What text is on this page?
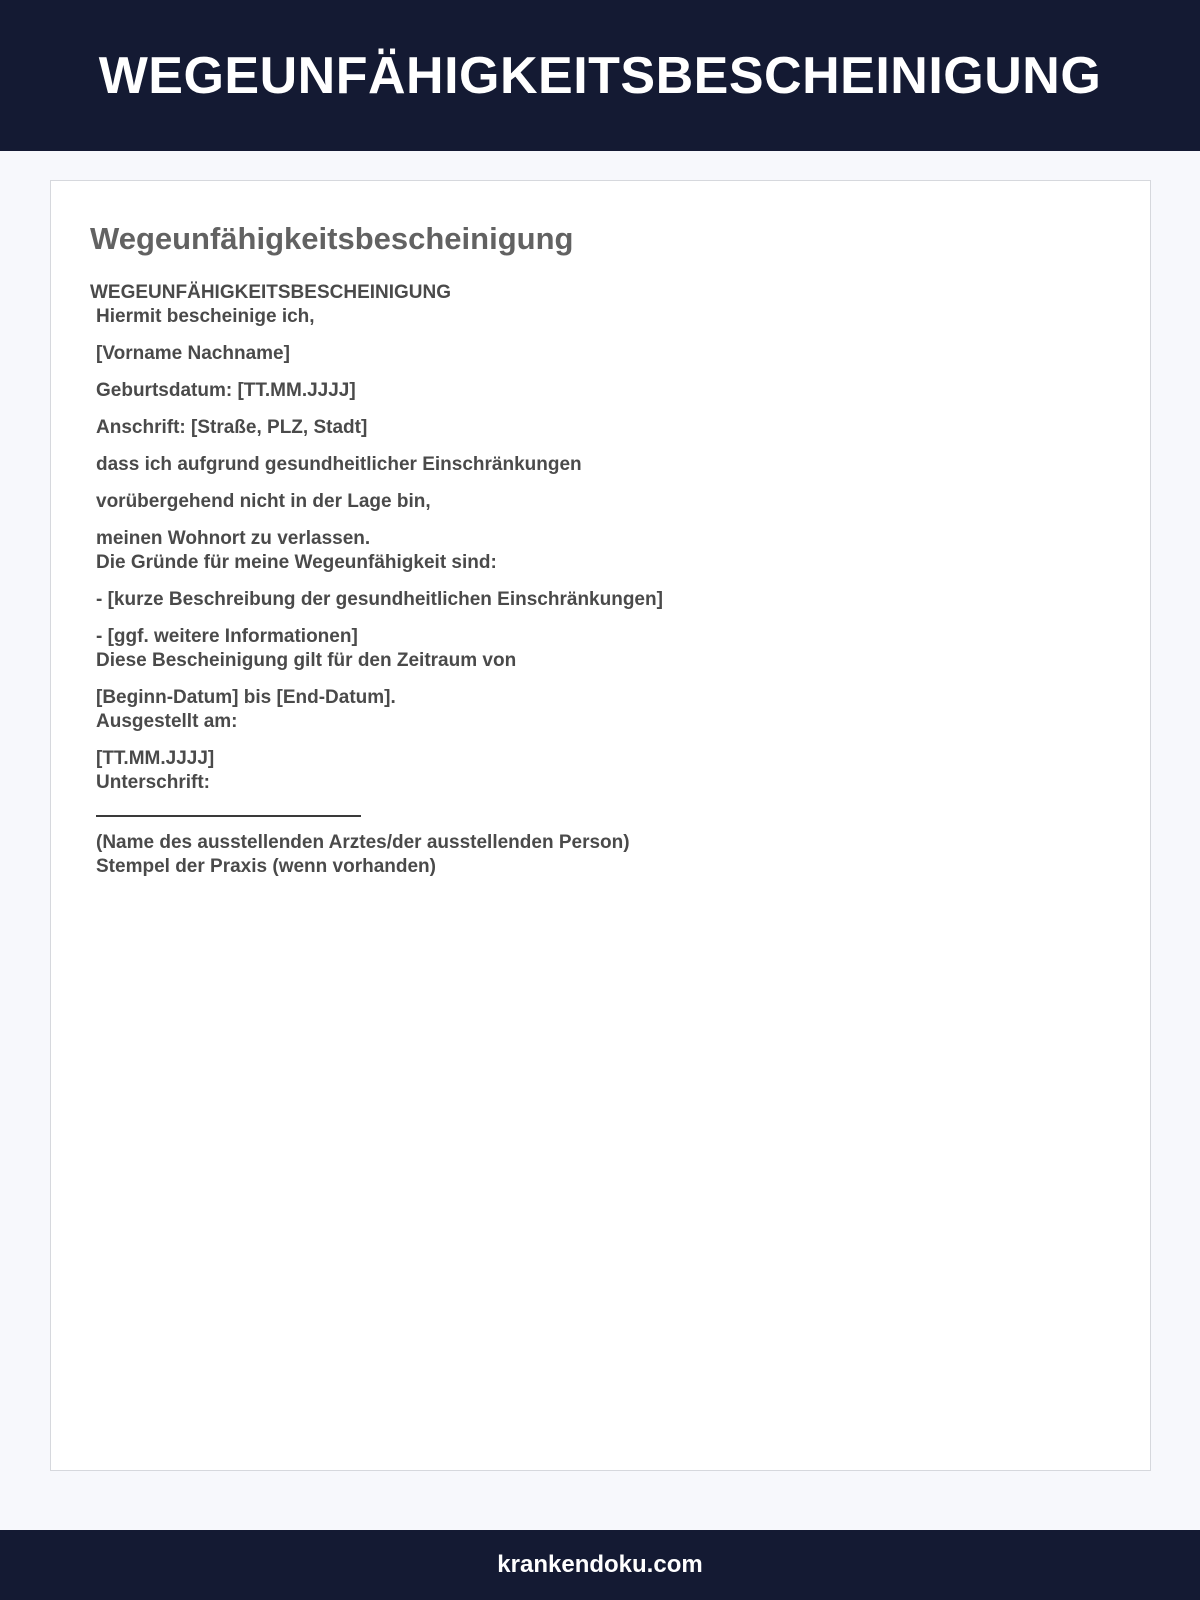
WEGEUNFÄHIGKEITSBESCHEINIGUNG
Wegeunfähigkeitsbescheinigung
WEGEUNFÄHIGKEITSBESCHEINIGUNG
Hiermit bescheinige ich,
[Vorname Nachname]
Geburtsdatum: [TT.MM.JJJJ]
Anschrift: [Straße, PLZ, Stadt]
dass ich aufgrund gesundheitlicher Einschränkungen
vorübergehend nicht in der Lage bin,
meinen Wohnort zu verlassen.
Die Gründe für meine Wegeunfähigkeit sind:
- [kurze Beschreibung der gesundheitlichen Einschränkungen]
- [ggf. weitere Informationen]
Diese Bescheinigung gilt für den Zeitraum von
[Beginn-Datum] bis [End-Datum].
Ausgestellt am:
[TT.MM.JJJJ]
Unterschrift:
(Name des ausstellenden Arztes/der ausstellenden Person)
Stempel der Praxis (wenn vorhanden)
krankendoku.com
